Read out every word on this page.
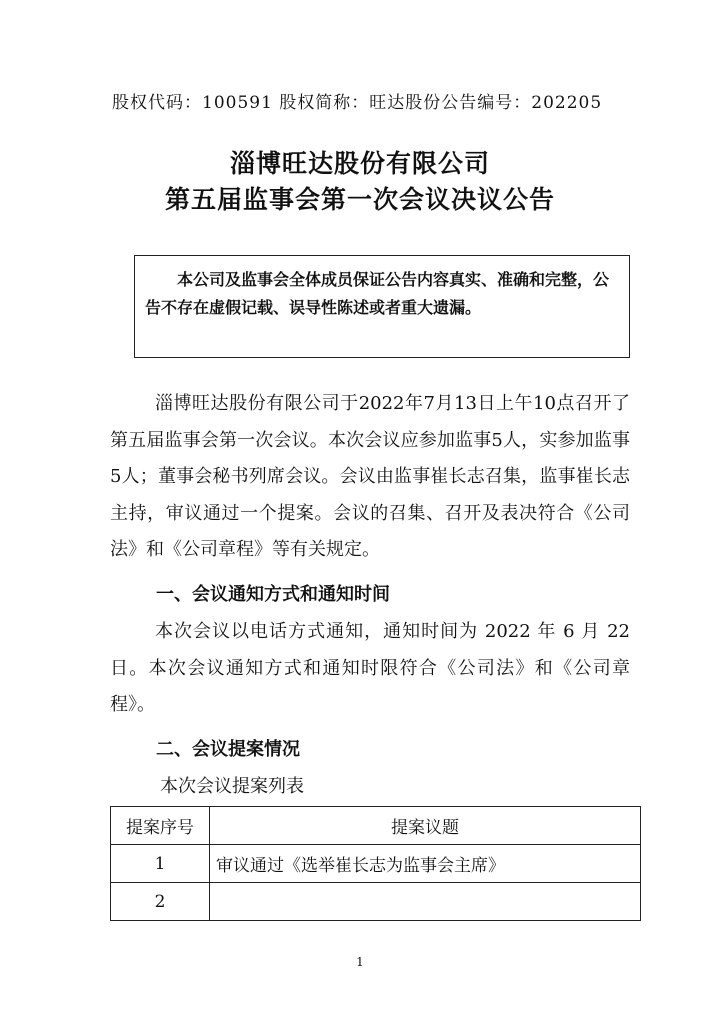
股权代码：100591 股权简称：旺达股份公告编号：202205
淄博旺达股份有限公司
第五届监事会第一次会议决议公告

本公司及监事会全体成员保证公告内容真实、准确和完整，公告不存在虚假记载、误导性陈述或者重大遗漏。

淄博旺达股份有限公司于2022年7月13日上午10点召开了第五届监事会第一次会议。本次会议应参加监事5人，实参加监事5人；董事会秘书列席会议。会议由监事崔长志召集，监事崔长志主持，审议通过一个提案。会议的召集、召开及表决符合《公司法》和《公司章程》等有关规定。

一、会议通知方式和通知时间

本次会议以电话方式通知，通知时间为 2022 年 6 月 22 日。本次会议通知方式和通知时限符合《公司法》和《公司章程》。

二、会议提案情况
本次会议提案列表
提案序号	提案议题
1	审议通过《选举崔长志为监事会主席》
2	
1
